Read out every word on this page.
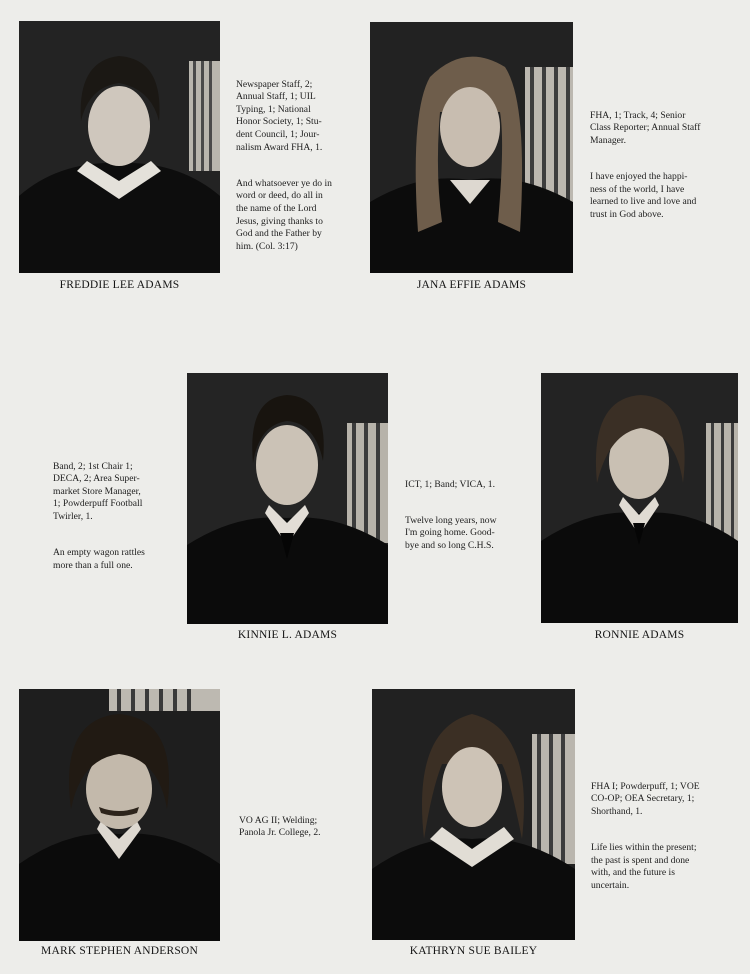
Newspaper Staff, 2;
Annual Staff, 1; UIL
Typing, 1; National
Honor Society, 1; Stu-
dent Council, 1; Jour-
nalism Award FHA, 1.

And whatsoever ye do in
word or deed, do all in
the name of the Lord
Jesus, giving thanks to
God and the Father by
him. (Col. 3:17)

FREDDIE LEE ADAMS

FHA, 1; Track, 4; Senior
Class Reporter; Annual Staff
Manager.

I have enjoyed the happi-
ness of the world, I have
learned to live and love and
trust in God above.

JANA EFFIE ADAMS

Band, 2; 1st Chair 1;
DECA, 2; Area Super-
market Store Manager,
1; Powderpuff Football
Twirler, 1.

An empty wagon rattles
more than a full one.

ICT, 1; Band; VICA, 1.

Twelve long years, now
I'm going home. Good-
bye and so long C.H.S.

KINNIE L. ADAMS	RONNIE ADAMS

VO AG II; Welding;
Panola Jr. College, 2.

MARK STEPHEN ANDERSON

FHA I; Powderpuff, 1; VOE
CO-OP; OEA Secretary, 1;
Shorthand, 1.

Life lies within the present;
the past is spent and done
with, and the future is
uncertain.

KATHRYN SUE BAILEY
